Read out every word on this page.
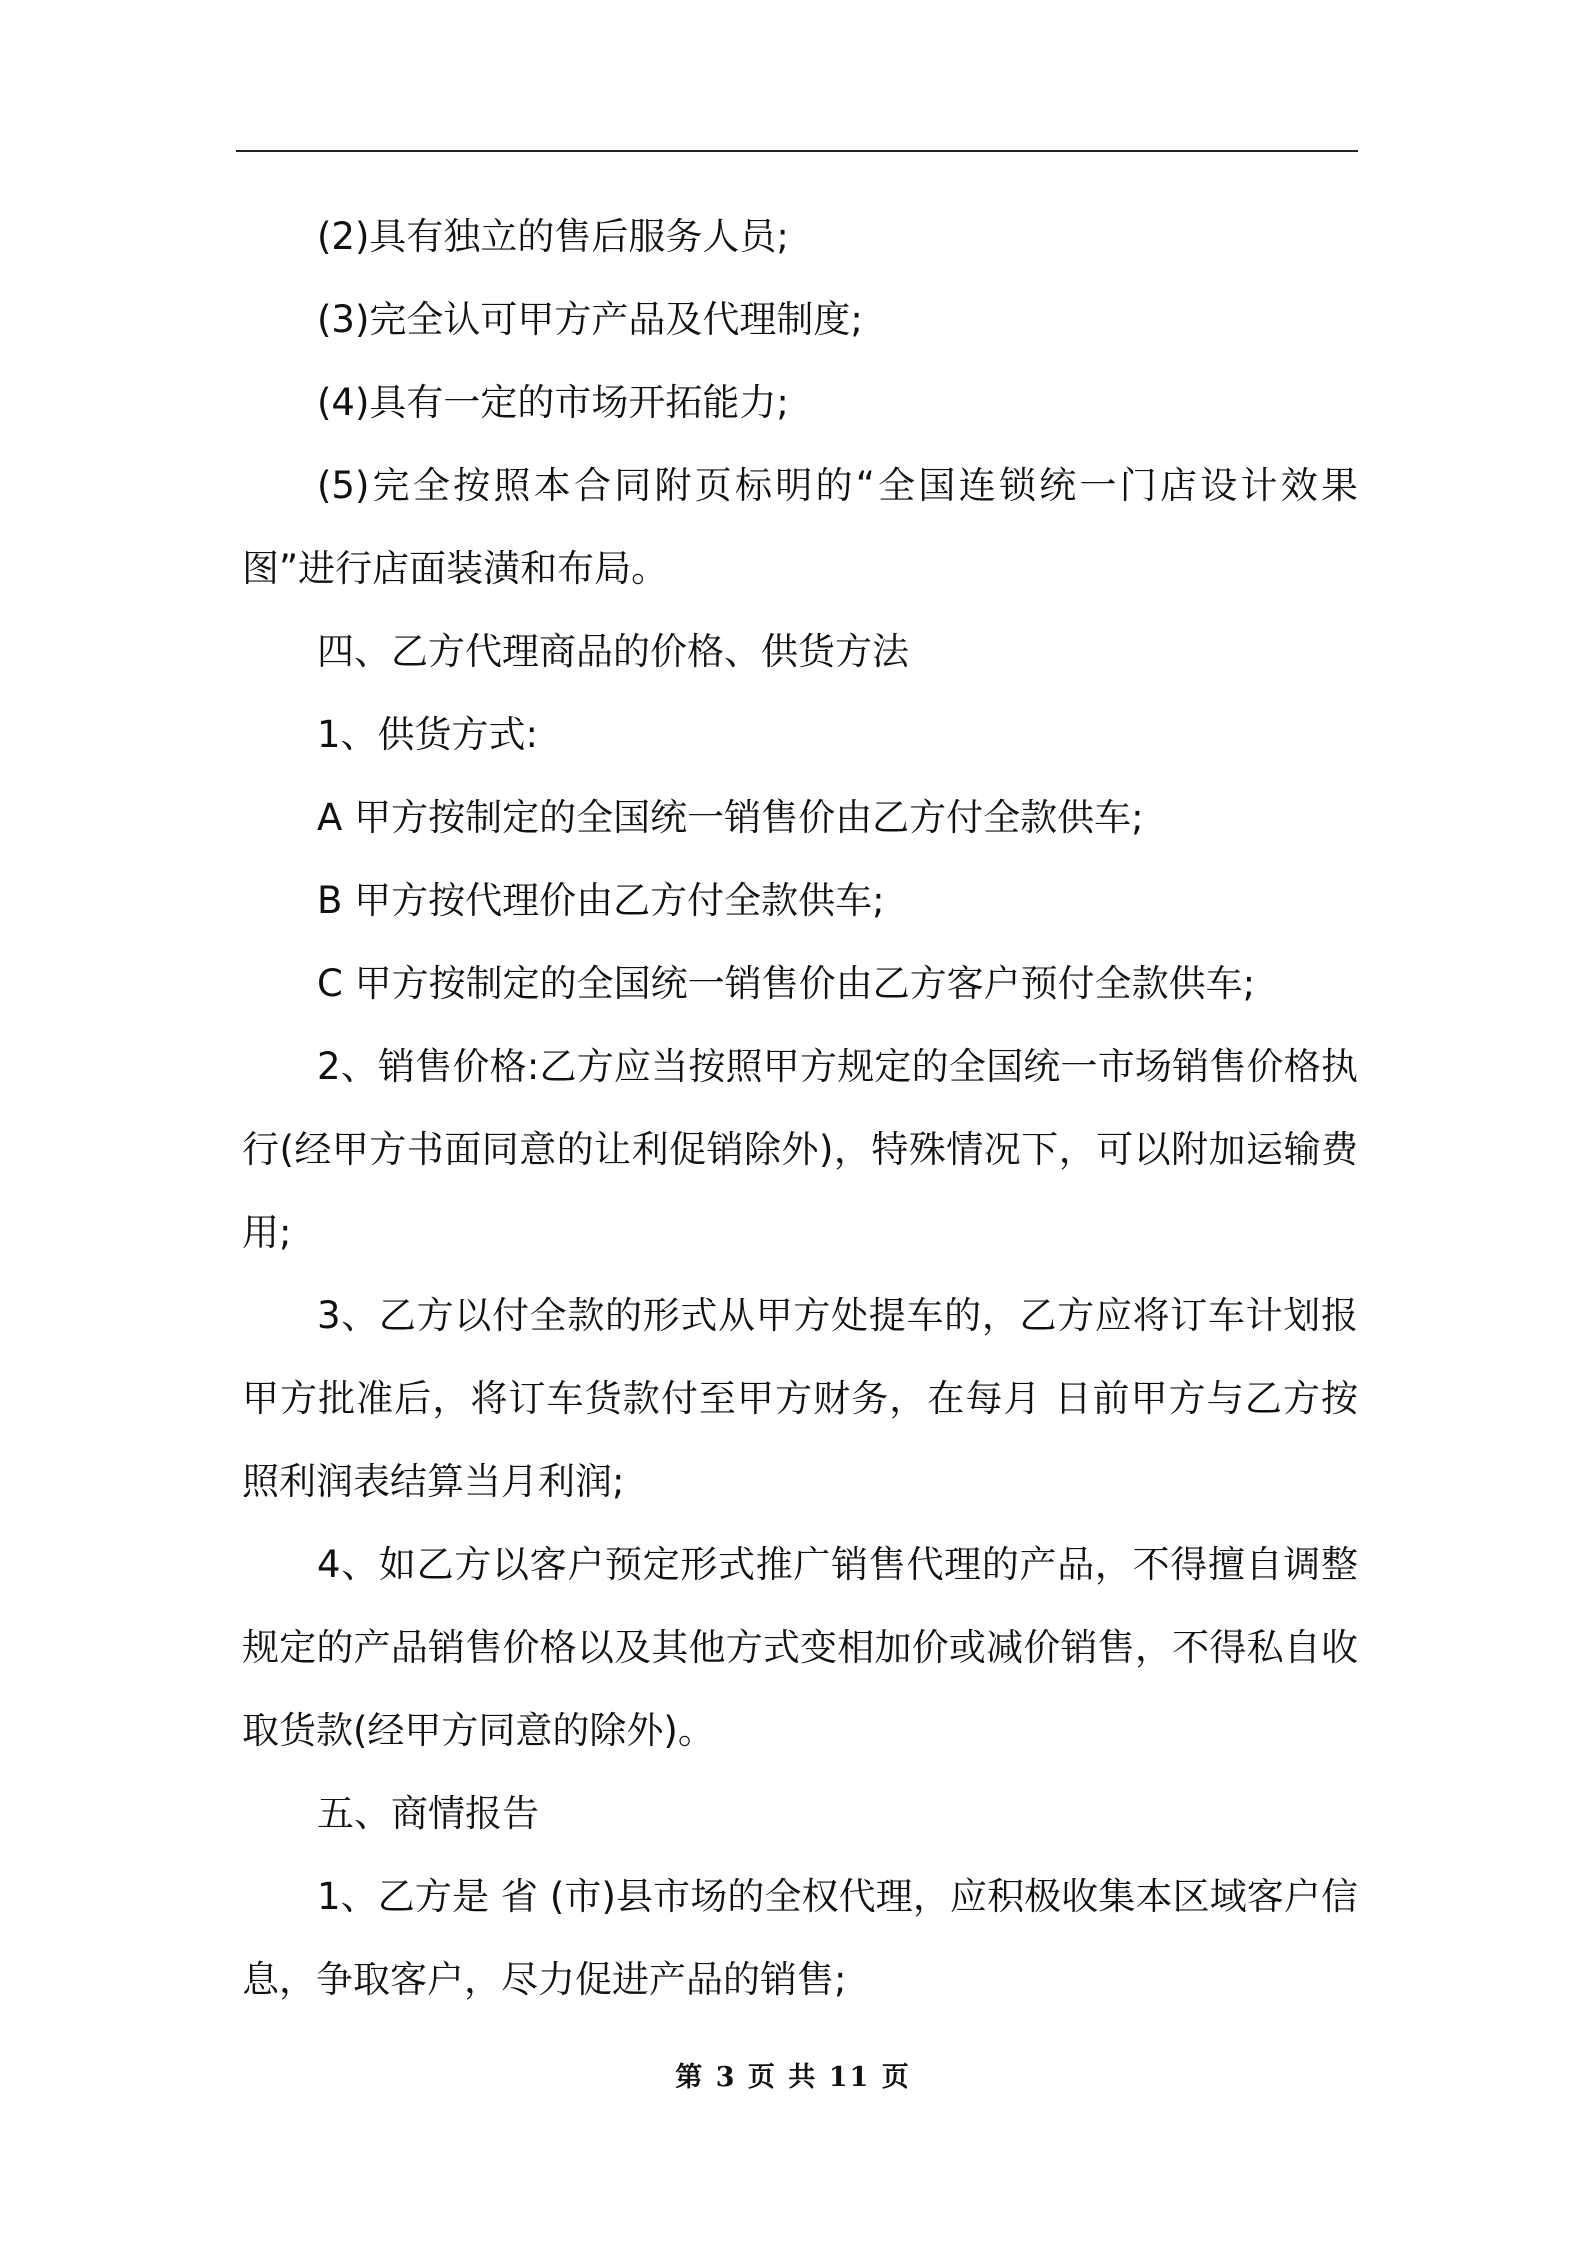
(2)具有独立的售后服务人员;

(3)完全认可甲方产品及代理制度;

(4)具有一定的市场开拓能力;

(5)完全按照本合同附页标明的“全国连锁统一门店设计效果图”进行店面装潢和布局。

四、乙方代理商品的价格、供货方法

1、供货方式:

A 甲方按制定的全国统一销售价由乙方付全款供车;

B 甲方按代理价由乙方付全款供车;

C 甲方按制定的全国统一销售价由乙方客户预付全款供车;

2、销售价格:乙方应当按照甲方规定的全国统一市场销售价格执行(经甲方书面同意的让利促销除外)，特殊情况下，可以附加运输费用;

3、乙方以付全款的形式从甲方处提车的，乙方应将订车计划报甲方批准后，将订车货款付至甲方财务，在每月 日前甲方与乙方按照利润表结算当月利润;

4、如乙方以客户预定形式推广销售代理的产品，不得擅自调整规定的产品销售价格以及其他方式变相加价或减价销售，不得私自收取货款(经甲方同意的除外)。

五、商情报告

1、乙方是 省 (市)县市场的全权代理，应积极收集本区域客户信息，争取客户，尽力促进产品的销售;

第 3 页 共 11 页
